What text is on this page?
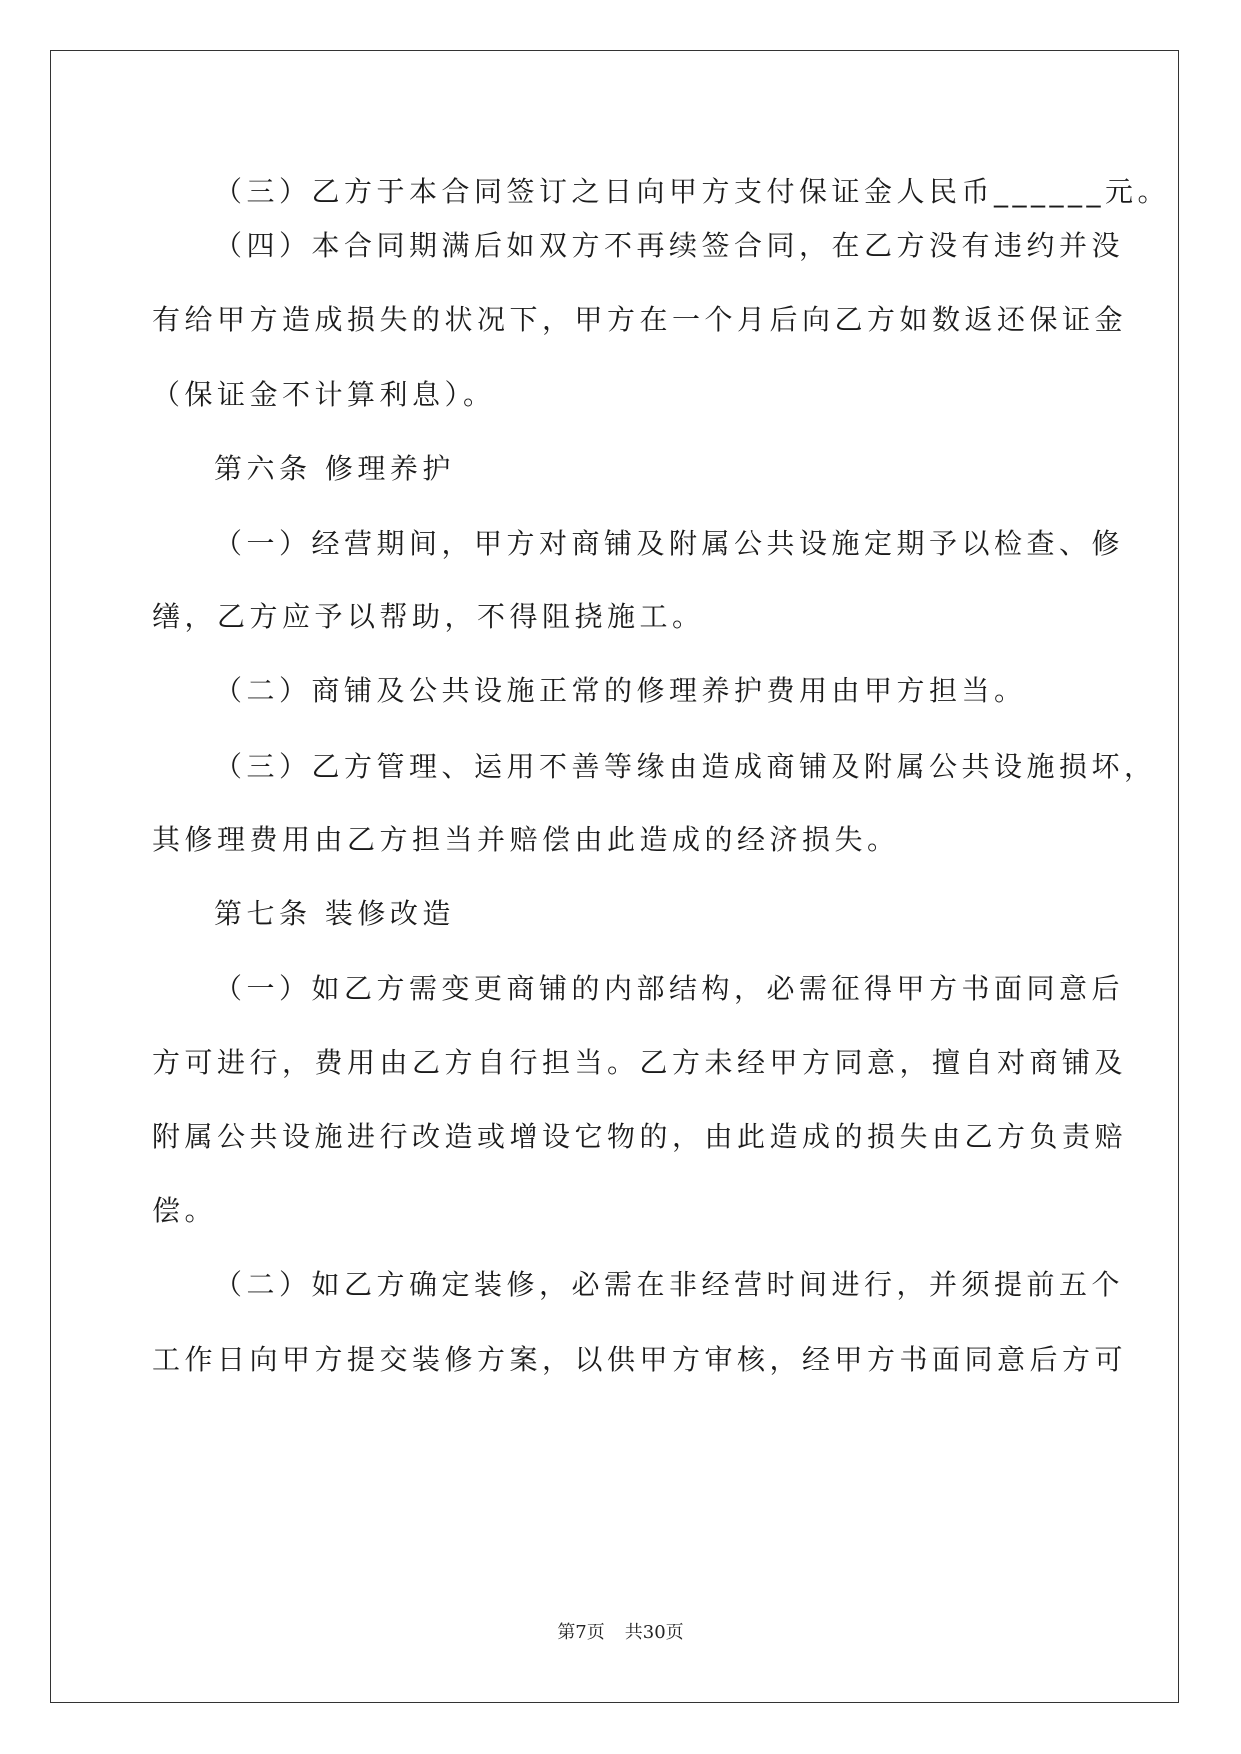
（三）乙方于本合同签订之日向甲方支付保证金人民币______元。
（四）本合同期满后如双方不再续签合同，在乙方没有违约并没
有给甲方造成损失的状况下，甲方在一个月后向乙方如数返还保证金
（保证金不计算利息）。
第六条 修理养护
（一）经营期间，甲方对商铺及附属公共设施定期予以检查、修
缮，乙方应予以帮助，不得阻挠施工。
（二）商铺及公共设施正常的修理养护费用由甲方担当。
（三）乙方管理、运用不善等缘由造成商铺及附属公共设施损坏，
其修理费用由乙方担当并赔偿由此造成的经济损失。
第七条 装修改造
（一）如乙方需变更商铺的内部结构，必需征得甲方书面同意后
方可进行，费用由乙方自行担当。乙方未经甲方同意，擅自对商铺及
附属公共设施进行改造或增设它物的，由此造成的损失由乙方负责赔
偿。
（二）如乙方确定装修，必需在非经营时间进行，并须提前五个
工作日向甲方提交装修方案，以供甲方审核，经甲方书面同意后方可
第7页 共30页
